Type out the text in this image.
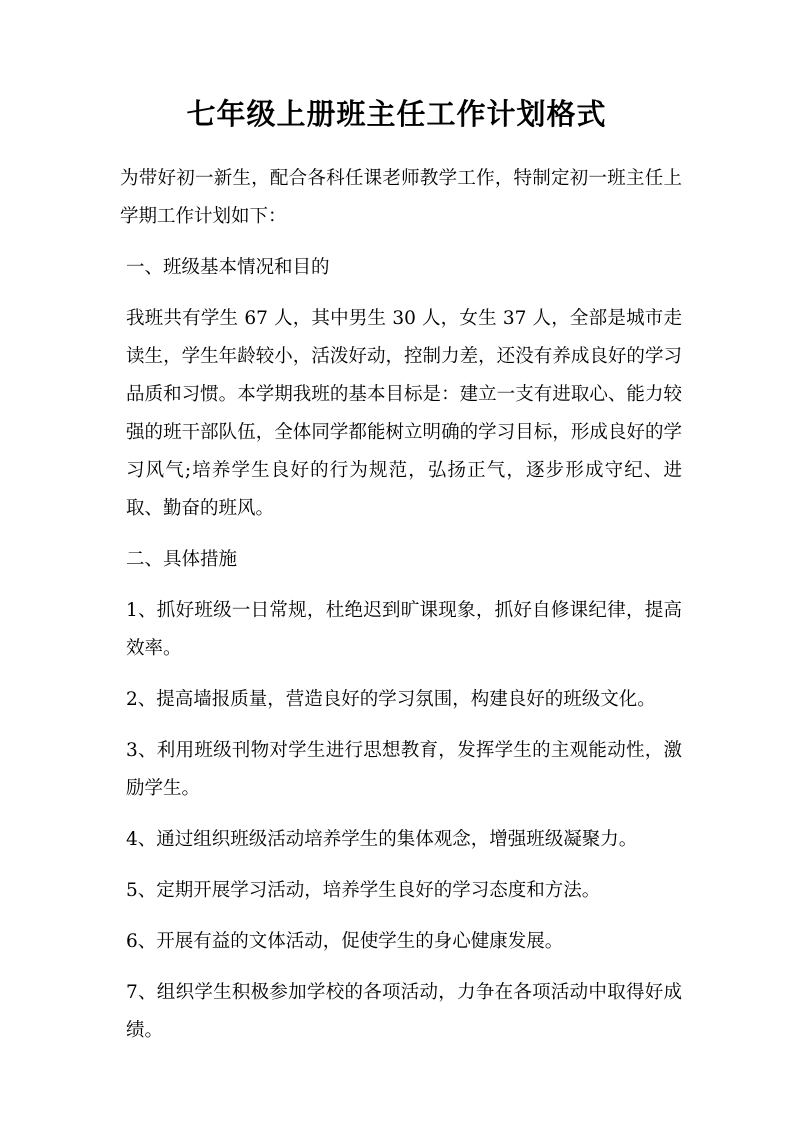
七年级上册班主任工作计划格式

为带好初一新生，配合各科任课老师教学工作，特制定初一班主任上学期工作计划如下：

一、班级基本情况和目的

我班共有学生 67 人，其中男生 30 人，女生 37 人，全部是城市走读生，学生年龄较小，活泼好动，控制力差，还没有养成良好的学习品质和习惯。本学期我班的基本目标是：建立一支有进取心、能力较强的班干部队伍，全体同学都能树立明确的学习目标，形成良好的学习风气;培养学生良好的行为规范，弘扬正气，逐步形成守纪、进取、勤奋的班风。

二、具体措施

1、抓好班级一日常规，杜绝迟到旷课现象，抓好自修课纪律，提高效率。

2、提高墙报质量，营造良好的学习氛围，构建良好的班级文化。

3、利用班级刊物对学生进行思想教育，发挥学生的主观能动性，激励学生。

4、通过组织班级活动培养学生的集体观念，增强班级凝聚力。

5、定期开展学习活动，培养学生良好的学习态度和方法。

6、开展有益的文体活动，促使学生的身心健康发展。

7、组织学生积极参加学校的各项活动，力争在各项活动中取得好成绩。
